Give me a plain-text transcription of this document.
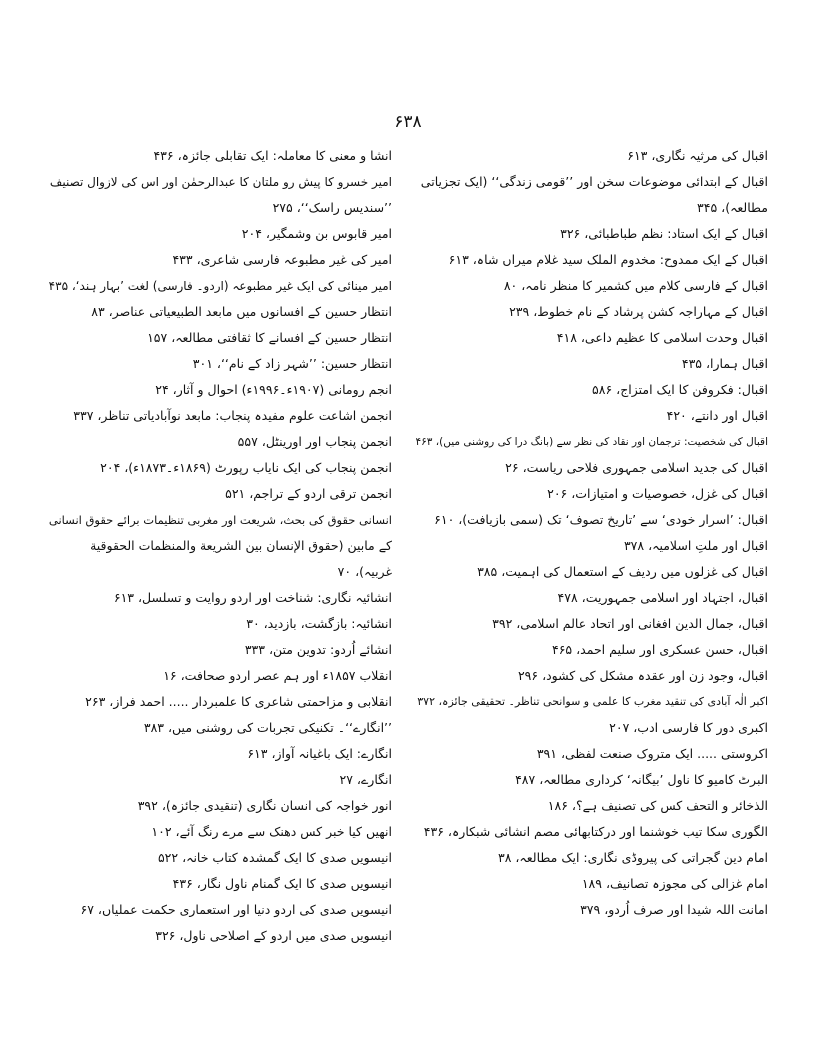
۶۳۸
اقبال کی مرثیہ نگاری، ۶۱۳
اقبال کے ابتدائی موضوعات سخن اور ’’قومی زندگی‘‘ (ایک تجزیاتی
مطالعہ)، ۳۴۵
اقبال کے ایک استاد: نظم طباطبائی، ۳۲۶
اقبال کے ایک ممدوح: مخدوم الملک سید غلام میراں شاہ، ۶۱۳
اقبال کے فارسی کلام میں کشمیر کا منظر نامہ، ۸۰
اقبال کے مہاراجہ کشن پرشاد کے نام خطوط، ۲۳۹
اقبال وحدت اسلامی کا عظیم داعی، ۴۱۸
اقبال ہمارا، ۴۳۵
اقبال: فکروفن کا ایک امتزاج، ۵۸۶
اقبال اور دانتے، ۴۲۰
اقبال کی شخصیت: ترجمان اور نقاد کی نظر سے (بانگ درا کی روشنی میں)، ۴۶۳
اقبال کی جدید اسلامی جمہوری فلاحی ریاست، ۲۶
اقبال کی غزل، خصوصیات و امتیازات، ۲۰۶
اقبال: ’اسرار خودی‘ سے ’تاریخ تصوف‘ تک (سمی بازیافت)، ۶۱۰
اقبال اور ملتِ اسلامیہ، ۳۷۸
اقبال کی غزلوں میں ردیف کے استعمال کی اہمیت، ۳۸۵
اقبال، اجتہاد اور اسلامی جمہوریت، ۴۷۸
اقبال، جمال الدین افغانی اور اتحاد عالم اسلامی، ۳۹۲
اقبال، حسن عسکری اور سلیم احمد، ۴۶۵
اقبال، وجود زن اور عقدہ مشکل کی کشود، ۲۹۶
اکبر الٰہ آبادی کی تنقید مغرب کا علمی و سوانحی تناظر۔ تحقیقی جائزہ، ۳۷۲
اکبری دور کا فارسی ادب، ۲۰۷
اکروستی ..... ایک متروک صنعت لفظی، ۳۹۱
البرٹ کامیو کا ناول ’بیگانہ‘ کرداری مطالعہ، ۴۸۷
الذخائر و التحف کس کی تصنیف ہے؟، ۱۸۶
الگوری سکا تیب خوشنما اور درکتابھائی مصم انشائی شبکارہ، ۴۳۶
امام دین گجراتی کی پیروڈی نگاری: ایک مطالعہ، ۳۸
امام غزالی کی مجوزہ تصانیف، ۱۸۹
امانت اللہ شیدا اور صرف اُردو، ۳۷۹
انشا و معنی کا معاملہ: ایک تقابلی جائزہ، ۴۳۶
امیر خسرو کا پیش رو ملتان کا عبدالرحمٰن اور اس کی لازوال تصنیف
’’سندیس راسک‘‘، ۲۷۵
امیر قابوس بن وشمگیر، ۲۰۴
امیر کی غیر مطبوعہ فارسی شاعری، ۴۳۳
امیر مینائی کی ایک غیر مطبوعہ (اردو۔ فارسی) لغت ’بہار ہند‘، ۴۳۵
انتظار حسین کے افسانوں میں مابعد الطبیعیاتی عناصر، ۸۳
انتظار حسین کے افسانے کا ثقافتی مطالعہ، ۱۵۷
انتظار حسین: ’’شہر زاد کے نام‘‘، ۳۰۱
انجم رومانی (۱۹۰۷ء۔۱۹۹۶ء) احوال و آثار، ۲۴
انجمن اشاعت علوم مفیدہ پنجاب: مابعد نوآبادیاتی تناظر، ۳۳۷
انجمن پنجاب اور اورینٹل، ۵۵۷
انجمن پنجاب کی ایک نایاب رپورٹ (۱۸۶۹ء۔۱۸۷۳ء)، ۲۰۴
انجمن ترقی اردو کے تراجم، ۵۲۱
انسانی حقوق کی بحث، شریعت اور مغربی تنظیمات برائے حقوق انسانی
کے مابین (حقوق الإنسان بين الشريعة والمنظمات الحقوقية
غربيہ)، ۷۰
انشائیہ نگاری: شناخت اور اردو روایت و تسلسل، ۶۱۳
انشائیہ: بازگشت، بازدید، ۳۰
انشائے اُردو: تدوین متن، ۳۳۳
انقلاب ۱۸۵۷ء اور ہم عصر اردو صحافت، ۱۶
انقلابی و مزاحمتی شاعری کا علمبردار ..... احمد فراز، ۲۶۳
’’انگارے‘‘۔ تکنیکی تجربات کی روشنی میں، ۳۸۳
انگارے: ایک باغیانہ آواز، ۶۱۳
انگارے، ۲۷
انور خواجہ کی انسان نگاری (تنقیدی جائزہ)، ۳۹۲
انھیں کیا خبر کس دھنک سے مرے رنگ آئے، ۱۰۲
انیسویں صدی کا ایک گمشدہ کتاب خانہ، ۵۲۲
انیسویں صدی کا ایک گمنام ناول نگار، ۴۳۶
انیسویں صدی کی اردو دنیا اور استعماری حکمت عملیاں، ۶۷
انیسویں صدی میں اردو کے اصلاحی ناول، ۳۲۶
